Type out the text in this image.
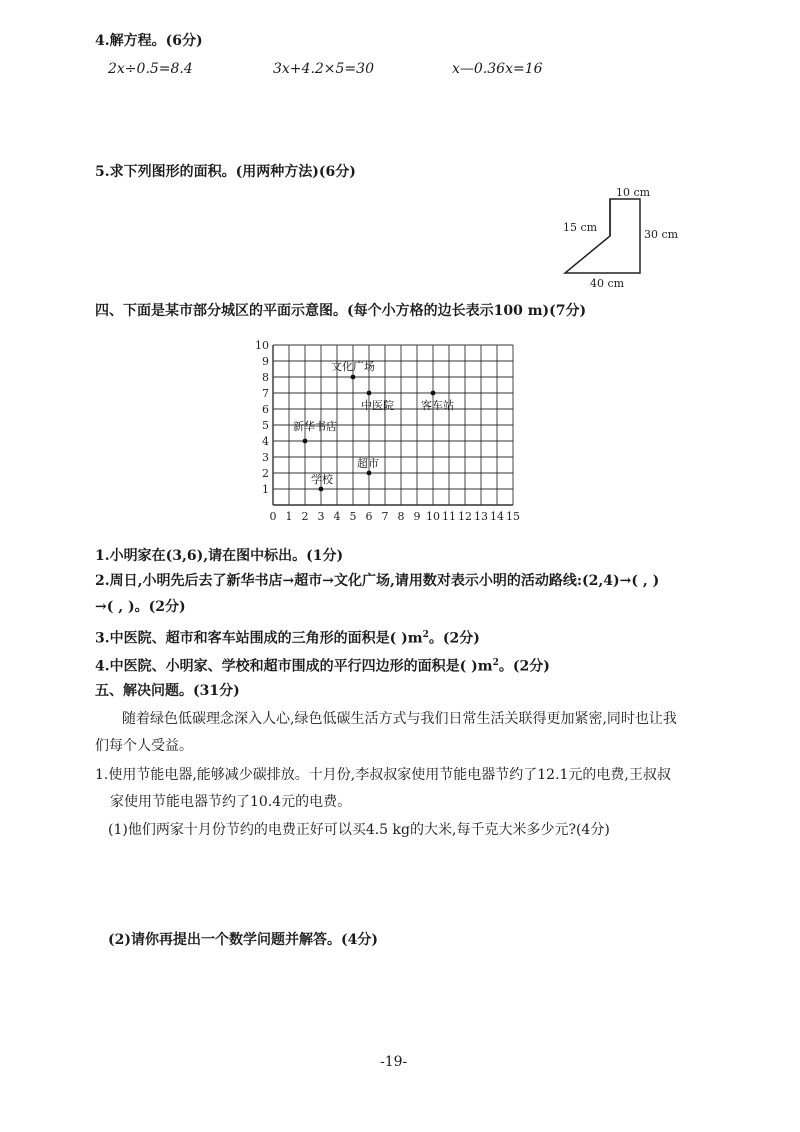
4.解方程。(6分)
2x÷0.5=8.4	3x+4.2×5=30	x—0.36x=16
5.求下列图形的面积。(用两种方法)(6分)
10 cm
15 cm
30 cm
40 cm
四、下面是某市部分城区的平面示意图。(每个小方格的边长表示100 m)(7分)
0 1 2 3 4 5 6 7 8 9 10 11 12 13 14 15
1
2
3
4
5
6
7
8
9
10
文化广场
中医院 客车站
新华书店
超市
学校
1.小明家在(3,6),请在图中标出。(1分)
2.周日,小明先后去了新华书店→超市→文化广场,请用数对表示小明的活动路线:(2,4)→( , )
→( , )。(2分)
3.中医院、超市和客车站围成的三角形的面积是( )$m^2$。(2分)
4.中医院、小明家、学校和超市围成的平行四边形的面积是( )$m^2$。(2分)
五、解决问题。(31分)
随着绿色低碳理念深入人心,绿色低碳生活方式与我们日常生活关联得更加紧密,同时也让我
们每个人受益。
1.使用节能电器,能够减少碳排放。十月份,李叔叔家使用节能电器节约了12.1元的电费,王叔叔
家使用节能电器节约了10.4元的电费。
(1)他们两家十月份节约的电费正好可以买4.5 kg的大米,每千克大米多少元?(4分)
(2)请你再提出一个数学问题并解答。(4分)
-19-
